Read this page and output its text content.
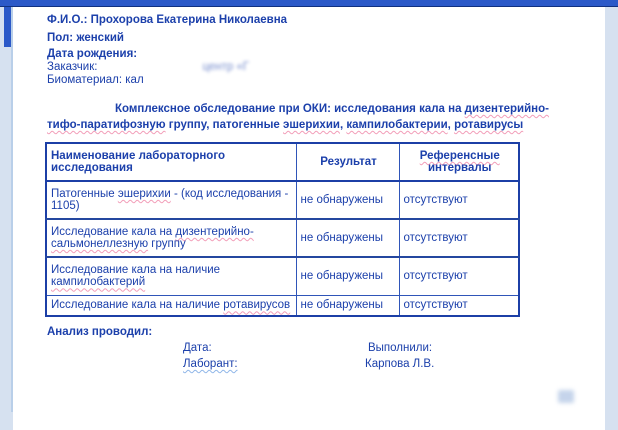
Ф.И.О.: Прохорова Екатерина Николаевна
Пол: женский
Дата рождения:
Заказчик:	центр «Г
Биоматериал: кал
Комплексное обследование при ОКИ: исследования кала на дизентерийно-
тифо-паратифозную группу, патогенные эшерихии, кампилобактерии, ротавирусы
Наименование лабораторного исследования	Результат	Референсные
интервалы

Патогенные эшерихии - (код исследования - 1105)	не обнаружены	отсутствуют
Исследование кала на дизентерийно-сальмонеллезную группу	не обнаружены	отсутствуют
Исследование кала на наличие кампилобактерий	не обнаружены	отсутствуют
Исследование кала на наличие ротавирусов	не обнаружены	отсутствуют
Анализ проводил:
Дата:	Выполнили:
Лаборант:	Карпова Л.В.
